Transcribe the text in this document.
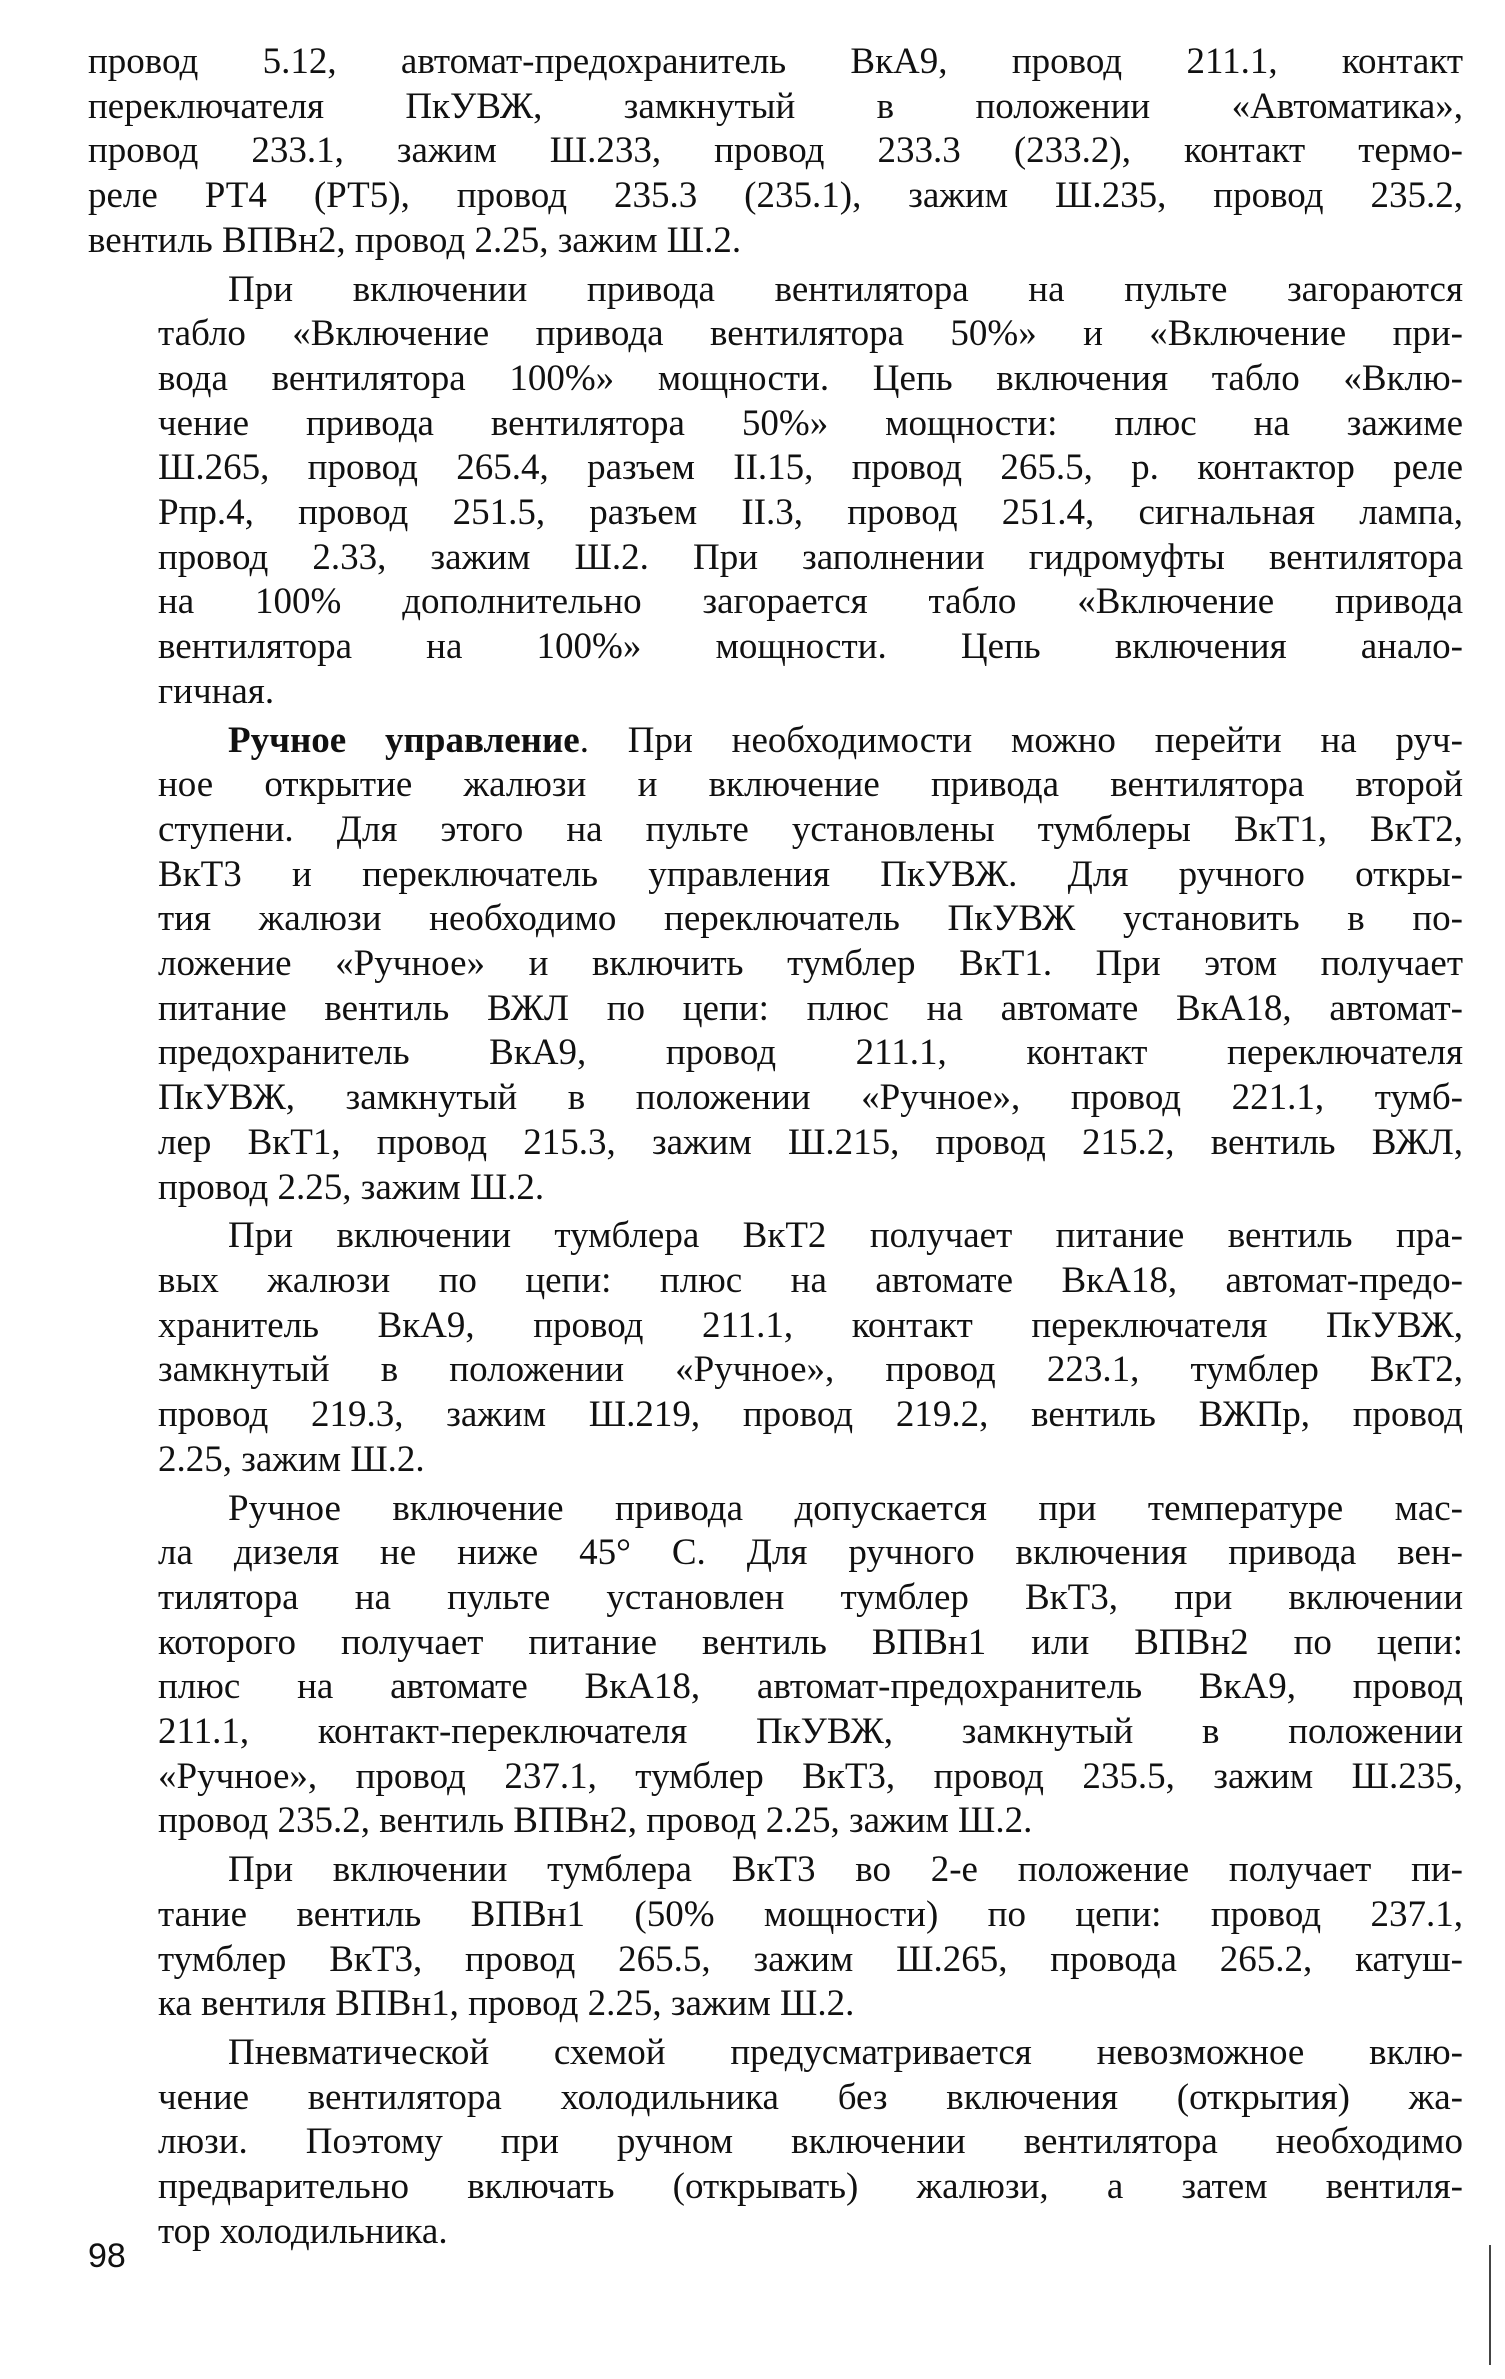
провод 5.12, автомат-предохранитель ВкА9, провод 211.1, контакт
переключателя ПкУВЖ, замкнутый в положении «Автоматика»,
провод 233.1, зажим Ш.233, провод 233.3 (233.2), контакт термо-
реле РТ4 (РТ5), провод 235.3 (235.1), зажим Ш.235, провод 235.2,
вентиль ВПВн2, провод 2.25, зажим Ш.2.

При включении привода вентилятора на пульте загораются
табло «Включение привода вентилятора 50%» и «Включение при-
вода вентилятора 100%» мощности. Цепь включения табло «Вклю-
чение привода вентилятора 50%» мощности: плюс на зажиме
Ш.265, провод 265.4, разъем II.15, провод 265.5, р. контактор реле
Рпр.4, провод 251.5, разъем II.3, провод 251.4, сигнальная лампа,
провод 2.33, зажим Ш.2. При заполнении гидромуфты вентилятора
на 100% дополнительно загорается табло «Включение привода
вентилятора на 100%» мощности. Цепь включения анало-
гичная.

Ручное управление. При необходимости можно перейти на руч-
ное открытие жалюзи и включение привода вентилятора второй
ступени. Для этого на пульте установлены тумблеры ВкТ1, ВкТ2,
ВкТ3 и переключатель управления ПкУВЖ. Для ручного откры-
тия жалюзи необходимо переключатель ПкУВЖ установить в по-
ложение «Ручное» и включить тумблер ВкТ1. При этом получает
питание вентиль ВЖЛ по цепи: плюс на автомате ВкА18, автомат-
предохранитель ВкА9, провод 211.1, контакт переключателя
ПкУВЖ, замкнутый в положении «Ручное», провод 221.1, тумб-
лер ВкТ1, провод 215.3, зажим Ш.215, провод 215.2, вентиль ВЖЛ,
провод 2.25, зажим Ш.2.

При включении тумблера ВкТ2 получает питание вентиль пра-
вых жалюзи по цепи: плюс на автомате ВкА18, автомат-предо-
хранитель ВкА9, провод 211.1, контакт переключателя ПкУВЖ,
замкнутый в положении «Ручное», провод 223.1, тумблер ВкТ2,
провод 219.3, зажим Ш.219, провод 219.2, вентиль ВЖПр, провод
2.25, зажим Ш.2.

Ручное включение привода допускается при температуре мас-
ла дизеля не ниже 45° С. Для ручного включения привода вен-
тилятора на пульте установлен тумблер ВкТ3, при включении
которого получает питание вентиль ВПВн1 или ВПВн2 по цепи:
плюс на автомате ВкА18, автомат-предохранитель ВкА9, провод
211.1, контакт-переключателя ПкУВЖ, замкнутый в положении
«Ручное», провод 237.1, тумблер ВкТ3, провод 235.5, зажим Ш.235,
провод 235.2, вентиль ВПВн2, провод 2.25, зажим Ш.2.

При включении тумблера ВкТ3 во 2-е положение получает пи-
тание вентиль ВПВн1 (50% мощности) по цепи: провод 237.1,
тумблер ВкТ3, провод 265.5, зажим Ш.265, провода 265.2, катуш-
ка вентиля ВПВн1, провод 2.25, зажим Ш.2.

Пневматической схемой предусматривается невозможное вклю-
чение вентилятора холодильника без включения (открытия) жа-
люзи. Поэтому при ручном включении вентилятора необходимо
предварительно включать (открывать) жалюзи, а затем вентиля-
тор холодильника.

98
